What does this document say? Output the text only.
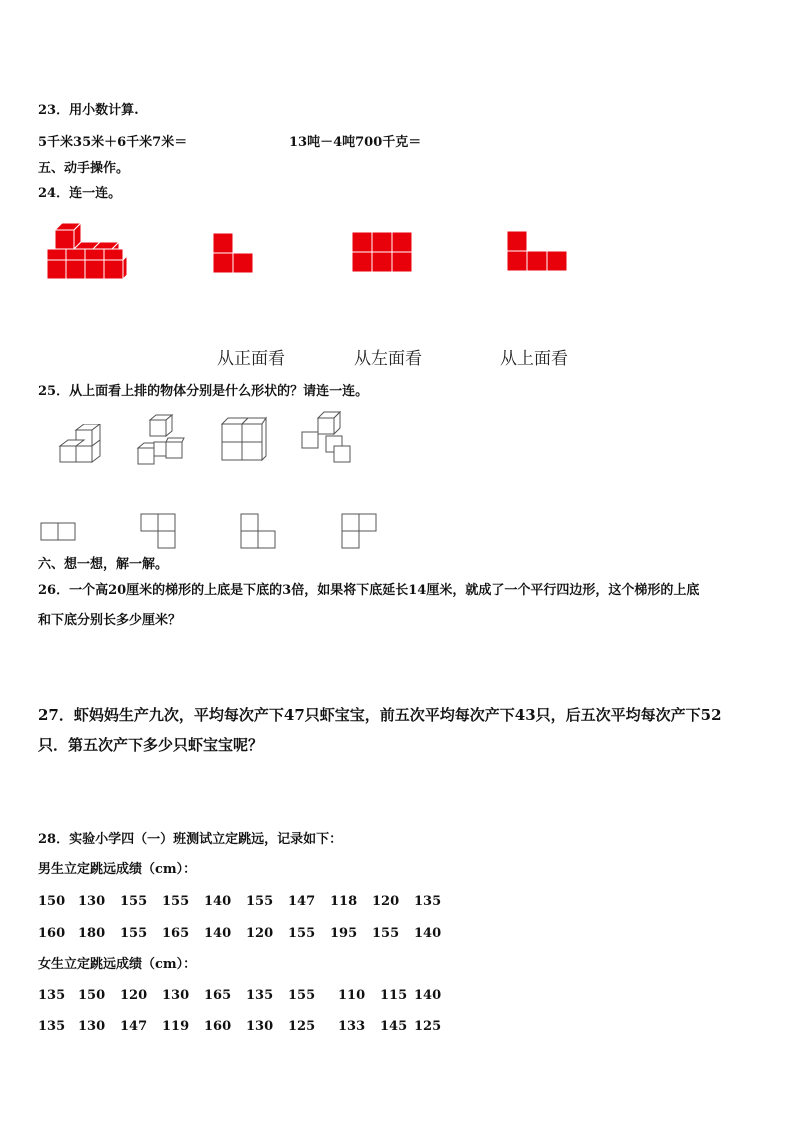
23．用小数计算.
5千米35米＋6千米7米＝	13吨－4吨700千克＝
五、动手操作。
24．连一连。
从正面看	从左面看	从上面看
25．从上面看上排的物体分别是什么形状的？请连一连。
六、想一想，解一解。
26．一个高20厘米的梯形的上底是下底的3倍，如果将下底延长14厘米，就成了一个平行四边形，这个梯形的上底
和下底分别长多少厘米？
27．虾妈妈生产九次，平均每次产下47只虾宝宝，前五次平均每次产下43只，后五次平均每次产下52
只．第五次产下多少只虾宝宝呢？
28．实验小学四（一）班测试立定跳远，记录如下：
男生立定跳远成绩（cm）：
150 130 155 155 140 155 147 118 120 135
160 180 155 165 140 120 155 195 155 140
女生立定跳远成绩（cm）：
135 150 120 130 165 135 155 110 115 140
135 130 147 119 160 130 125 133 145 125
